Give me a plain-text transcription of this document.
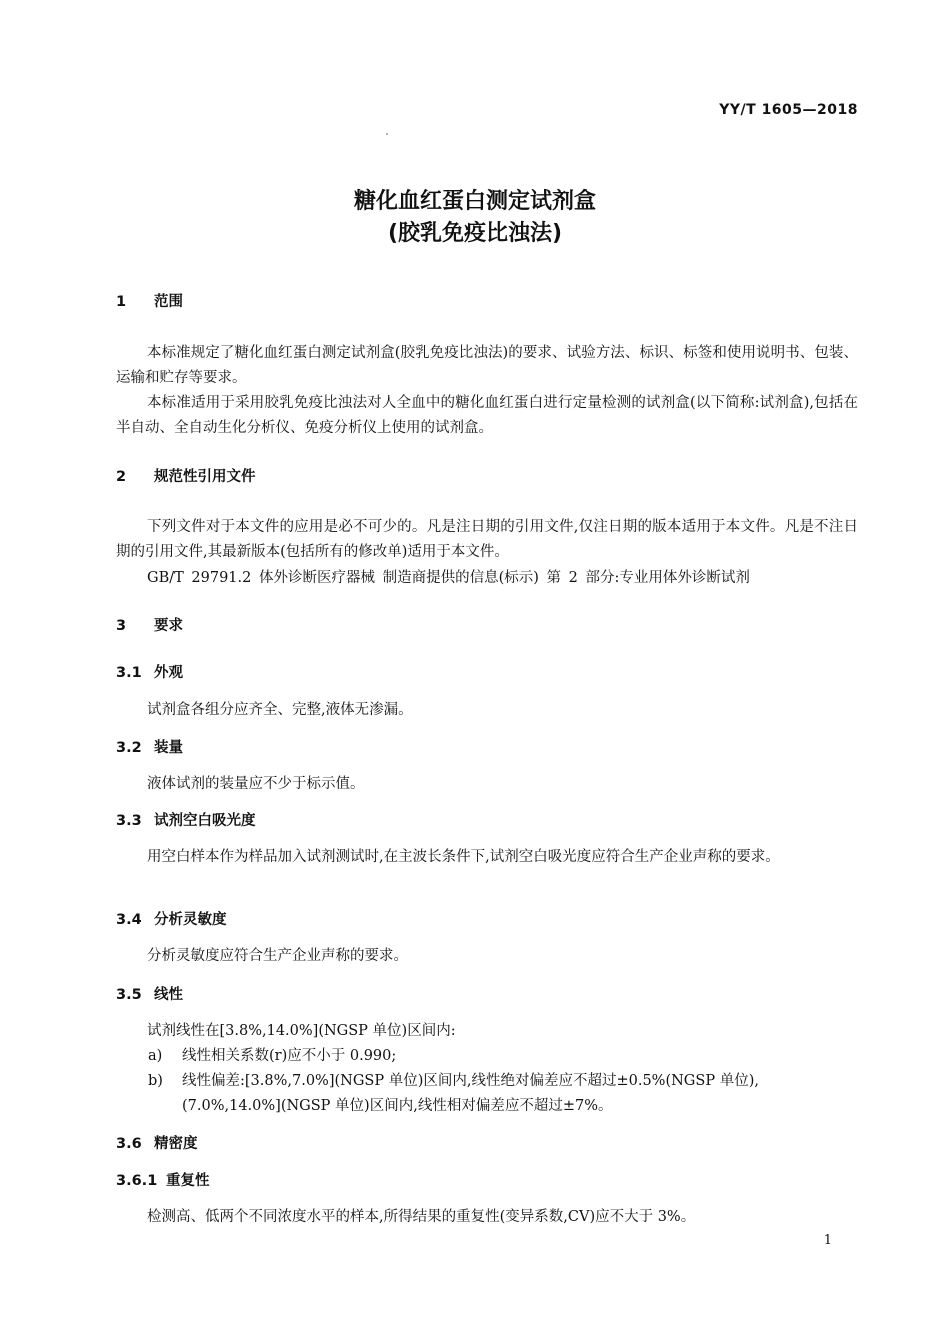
YY/T 1605—2018

糖化血红蛋白测定试剂盒
(胶乳免疫比浊法)
1 范围

本标准规定了糖化血红蛋白测定试剂盒(胶乳免疫比浊法)的要求、试验方法、标识、标签和使用说明书、包装、运输和贮存等要求。

本标准适用于采用胶乳免疫比浊法对人全血中的糖化血红蛋白进行定量检测的试剂盒(以下简称:试剂盒),包括在半自动、全自动生化分析仪、免疫分析仪上使用的试剂盒。

2 规范性引用文件

下列文件对于本文件的应用是必不可少的。凡是注日期的引用文件,仅注日期的版本适用于本文件。凡是不注日期的引用文件,其最新版本(包括所有的修改单)适用于本文件。

GB/T 29791.2 体外诊断医疗器械 制造商提供的信息(标示) 第 2 部分:专业用体外诊断试剂

3 要求
3.1 外观

试剂盒各组分应齐全、完整,液体无渗漏。

3.2 装量

液体试剂的装量应不少于标示值。

3.3 试剂空白吸光度

用空白样本作为样品加入试剂测试时,在主波长条件下,试剂空白吸光度应符合生产企业声称的要求。

3.4 分析灵敏度

分析灵敏度应符合生产企业声称的要求。

3.5 线性

试剂线性在[3.8%,14.0%](NGSP 单位)区间内:

a) 线性相关系数(r)应不小于 0.990;

b) 线性偏差:[3.8%,7.0%](NGSP 单位)区间内,线性绝对偏差应不超过±0.5%(NGSP 单位),

(7.0%,14.0%](NGSP 单位)区间内,线性相对偏差应不超过±7%。

3.6 精密度
3.6.1 重复性

检测高、低两个不同浓度水平的样本,所得结果的重复性(变异系数,CV)应不大于 3%。

1
